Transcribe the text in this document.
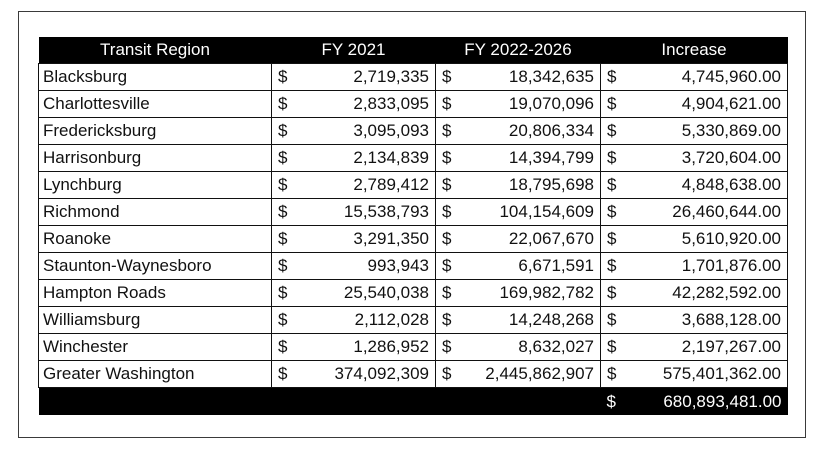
Transit Region	FY 2021		FY 2022-2026		Increase	
Blacksburg	$	2,719,335	$	18,342,635	$	4,745,960.00
Charlottesville	$	2,833,095	$	19,070,096	$	4,904,621.00
Fredericksburg	$	3,095,093	$	20,806,334	$	5,330,869.00
Harrisonburg	$	2,134,839	$	14,394,799	$	3,720,604.00
Lynchburg	$	2,789,412	$	18,795,698	$	4,848,638.00
Richmond	$	15,538,793	$	104,154,609	$	26,460,644.00
Roanoke	$	3,291,350	$	22,067,670	$	5,610,920.00
Staunton-Waynesboro	$	993,943	$	6,671,591	$	1,701,876.00
Hampton Roads	$	25,540,038	$	169,982,782	$	42,282,592.00
Williamsburg	$	2,112,028	$	14,248,268	$	3,688,128.00
Winchester	$	1,286,952	$	8,632,027	$	2,197,267.00
Greater Washington	$	374,092,309	$	2,445,862,907	$	575,401,362.00
					$	680,893,481.00
